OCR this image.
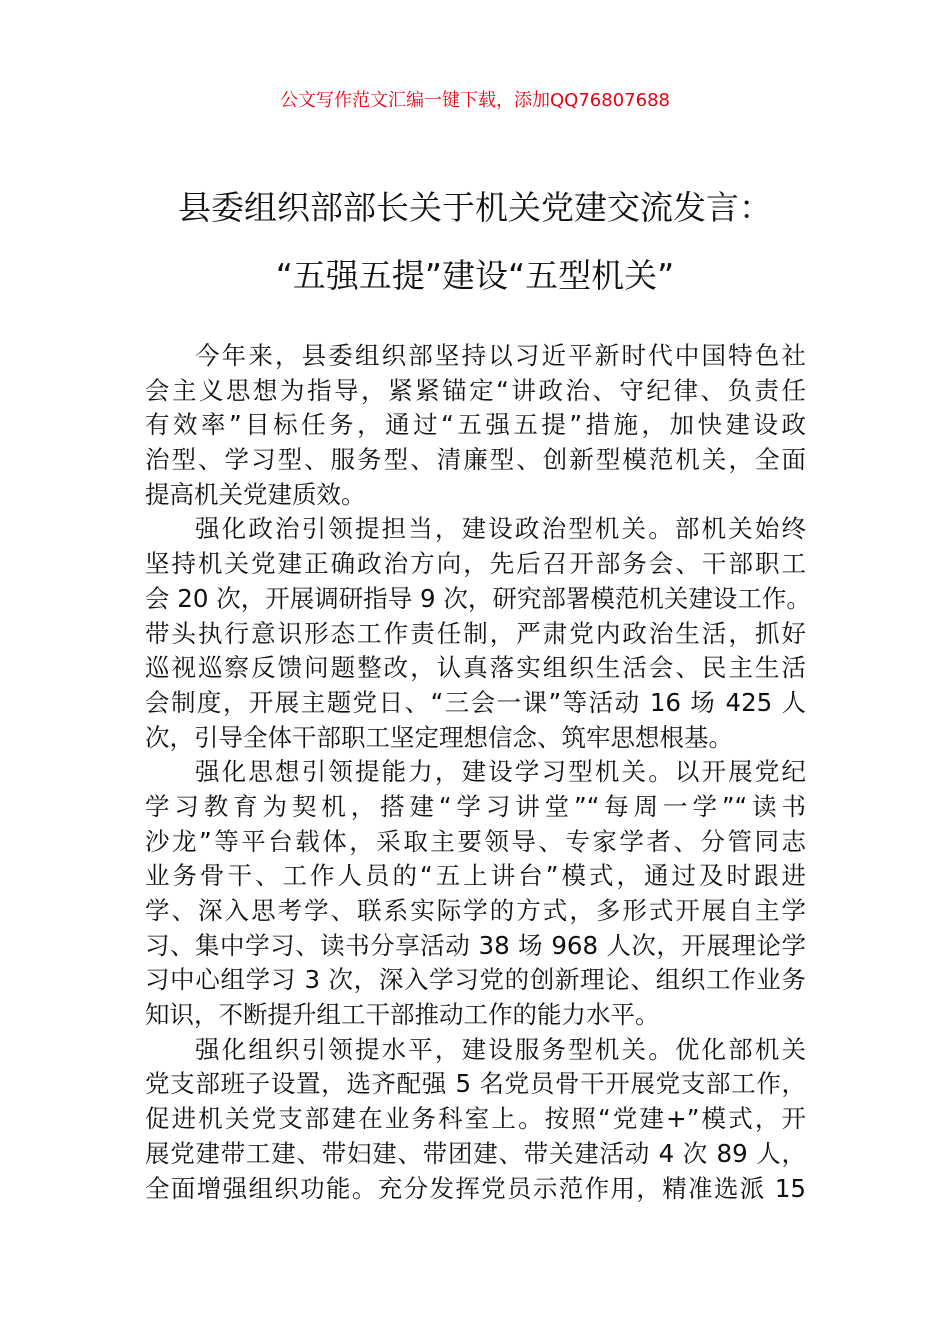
公文写作范文汇编一键下载，添加QQ76807688
县委组织部部长关于机关党建交流发言：
“五强五提”建设“五型机关”
今年来，县委组织部坚持以习近平新时代中国特色社
会主义思想为指导，紧紧锚定“讲政治、守纪律、负责任
有效率”目标任务，通过“五强五提”措施，加快建设政
治型、学习型、服务型、清廉型、创新型模范机关，全面
提高机关党建质效。
强化政治引领提担当，建设政治型机关。部机关始终
坚持机关党建正确政治方向，先后召开部务会、干部职工
会 20 次，开展调研指导 9 次，研究部署模范机关建设工作。
带头执行意识形态工作责任制，严肃党内政治生活，抓好
巡视巡察反馈问题整改，认真落实组织生活会、民主生活
会制度，开展主题党日、“三会一课”等活动 16 场 425 人
次，引导全体干部职工坚定理想信念、筑牢思想根基。
强化思想引领提能力，建设学习型机关。以开展党纪
学习教育为契机，搭建“学习讲堂”“每周一学”“读书
沙龙”等平台载体，采取主要领导、专家学者、分管同志
业务骨干、工作人员的“五上讲台”模式，通过及时跟进
学、深入思考学、联系实际学的方式，多形式开展自主学
习、集中学习、读书分享活动 38 场 968 人次，开展理论学
习中心组学习 3 次，深入学习党的创新理论、组织工作业务
知识，不断提升组工干部推动工作的能力水平。
强化组织引领提水平，建设服务型机关。优化部机关
党支部班子设置，选齐配强 5 名党员骨干开展党支部工作，
促进机关党支部建在业务科室上。按照“党建+”模式，开
展党建带工建、带妇建、带团建、带关建活动 4 次 89 人，
全面增强组织功能。充分发挥党员示范作用，精准选派 15
